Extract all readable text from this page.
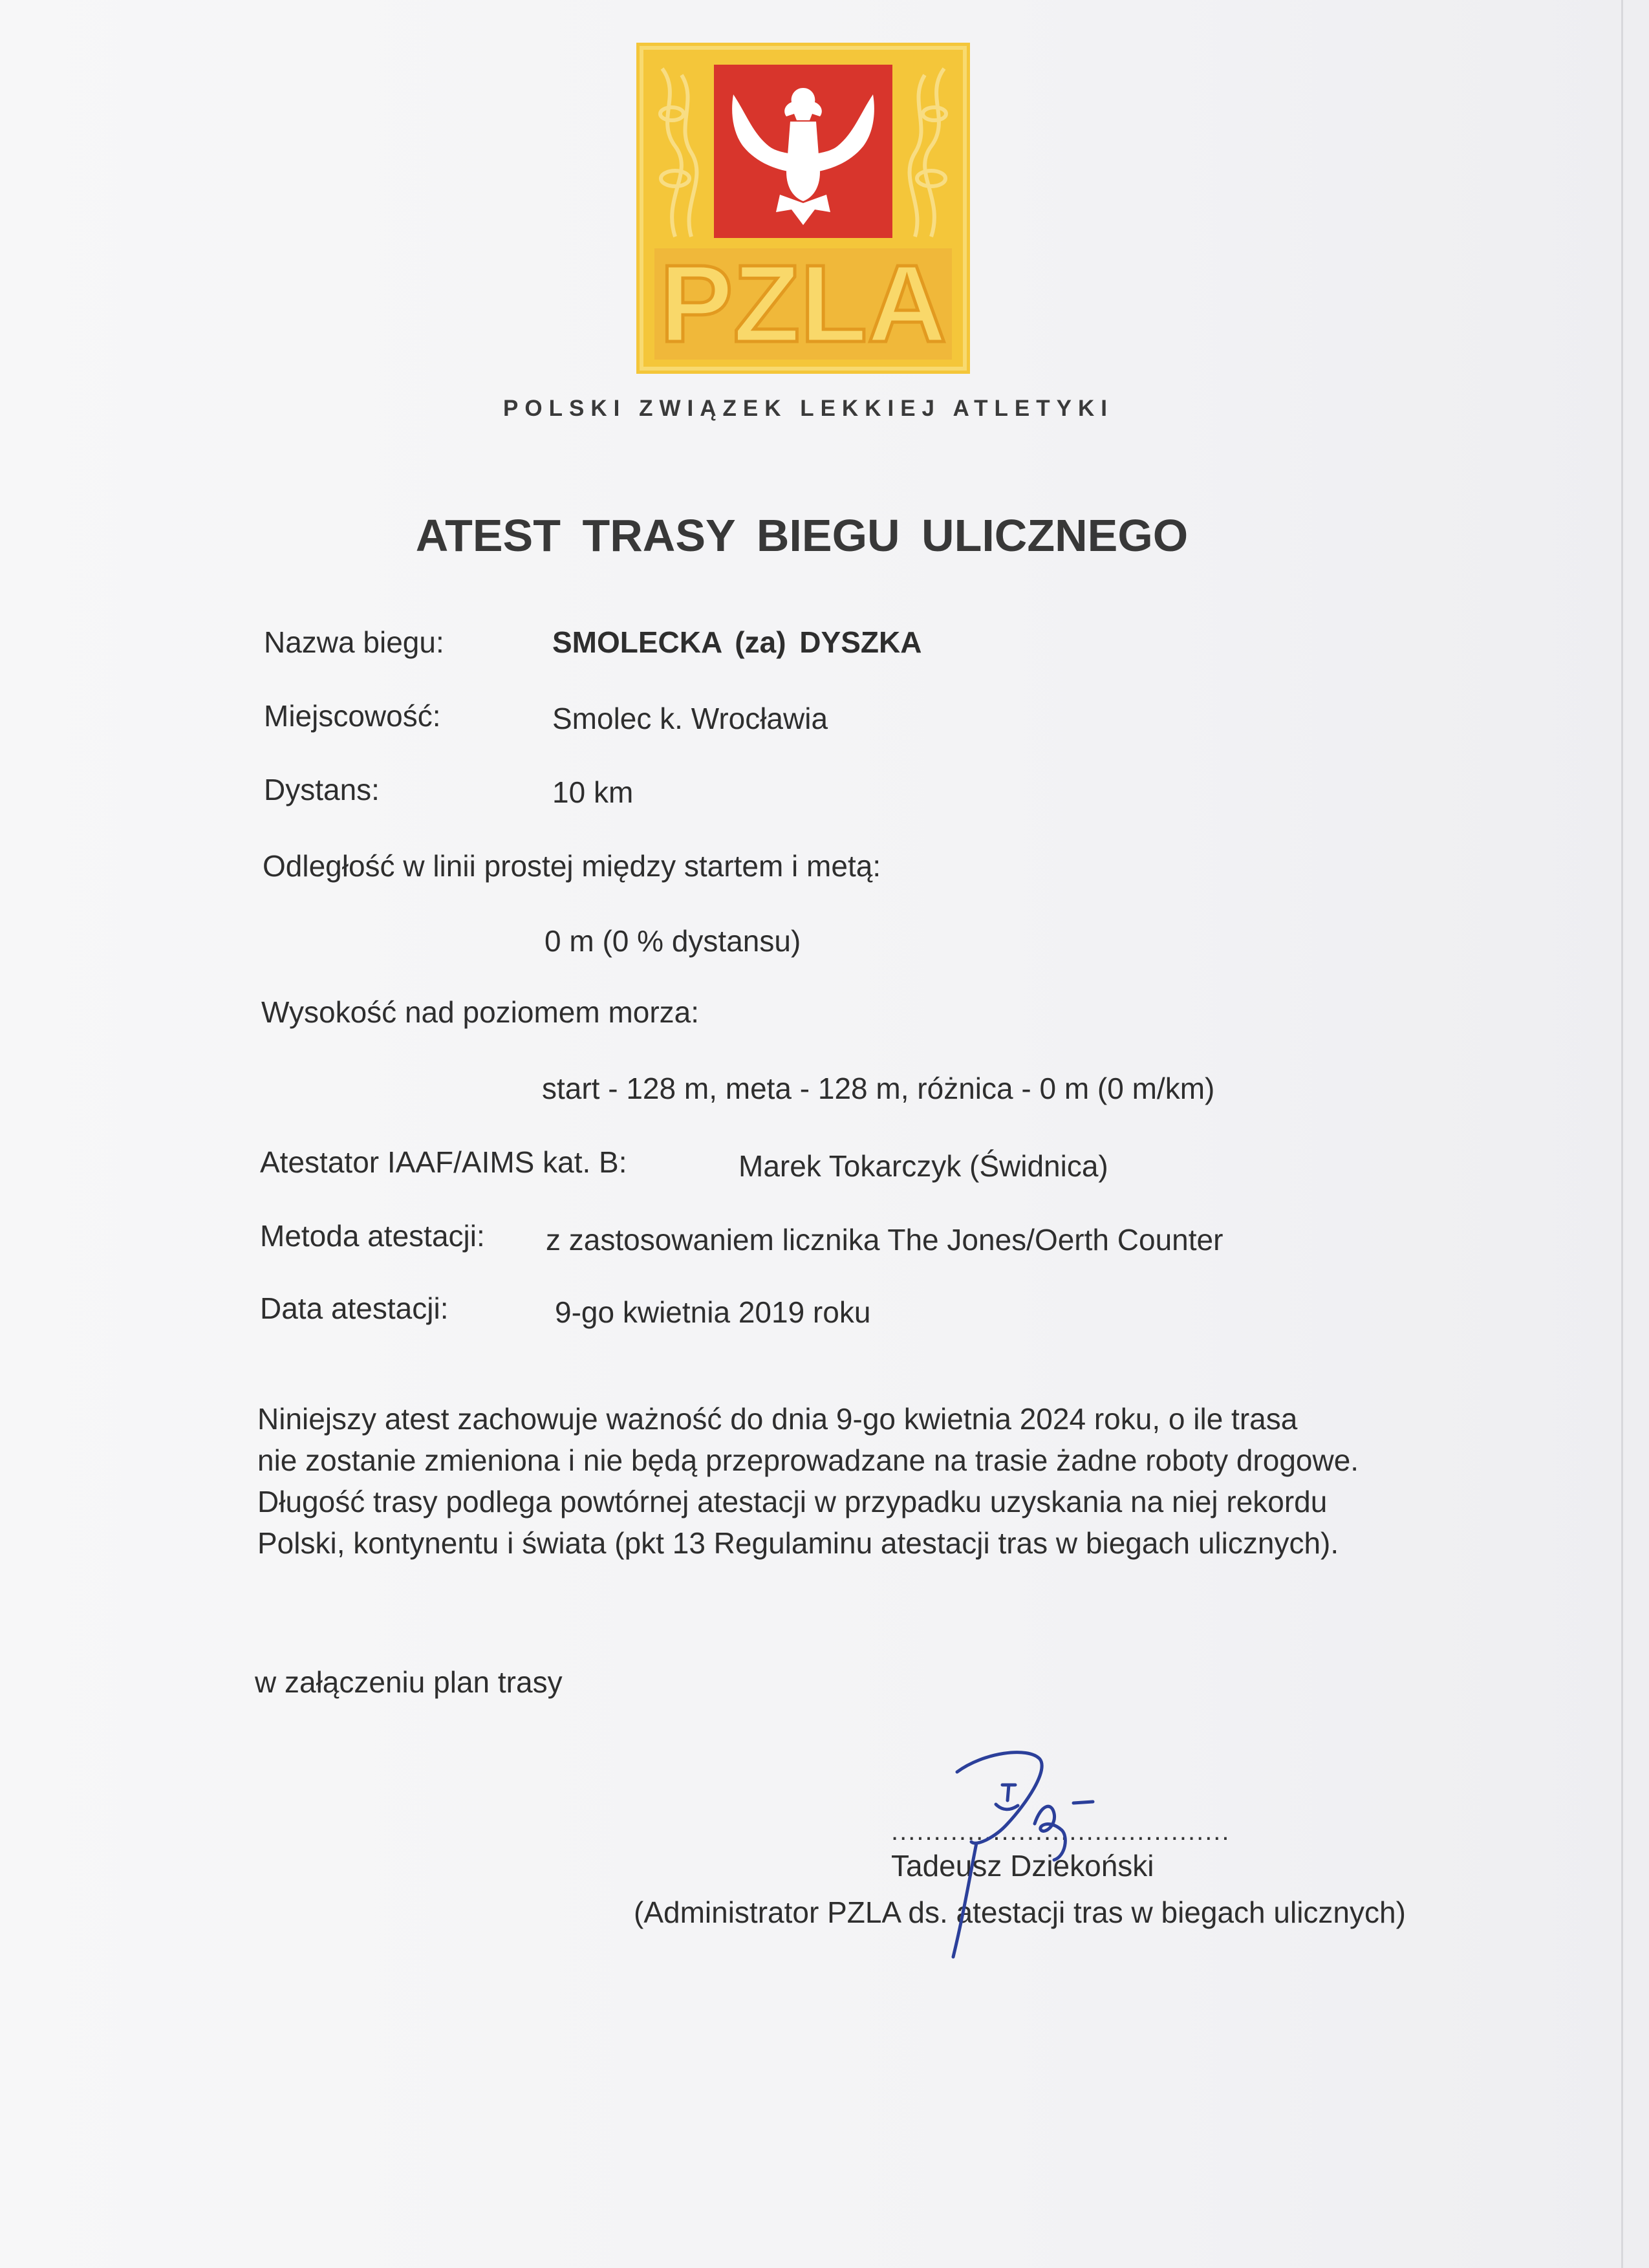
PZLA
POLSKI ZWIĄZEK LEKKIEJ ATLETYKI
ATEST TRASY BIEGU ULICZNEGO
Nazwa biegu:	SMOLECKA (za) DYSZKA
Miejscowość:	Smolec k. Wrocławia
Dystans:	10 km
Odległość w linii prostej między startem i metą:
0 m (0 % dystansu)
Wysokość nad poziomem morza:
start - 128 m, meta - 128 m, różnica - 0 m (0 m/km)
Atestator IAAF/AIMS kat. B:	Marek Tokarczyk (Świdnica)
Metoda atestacji: z zastosowaniem licznika The Jones/Oerth Counter
Data atestacji:	9-go kwietnia 2019 roku
Niniejszy atest zachowuje ważność do dnia 9-go kwietnia 2024 roku, o ile trasa
nie zostanie zmieniona i nie będą przeprowadzane na trasie żadne roboty drogowe.
Długość trasy podlega powtórnej atestacji w przypadku uzyskania na niej rekordu
Polski, kontynentu i świata (pkt 13 Regulaminu atestacji tras w biegach ulicznych).
w załączeniu plan trasy
........................................
Tadeusz Dziekoński
(Administrator PZLA ds. atestacji tras w biegach ulicznych)
